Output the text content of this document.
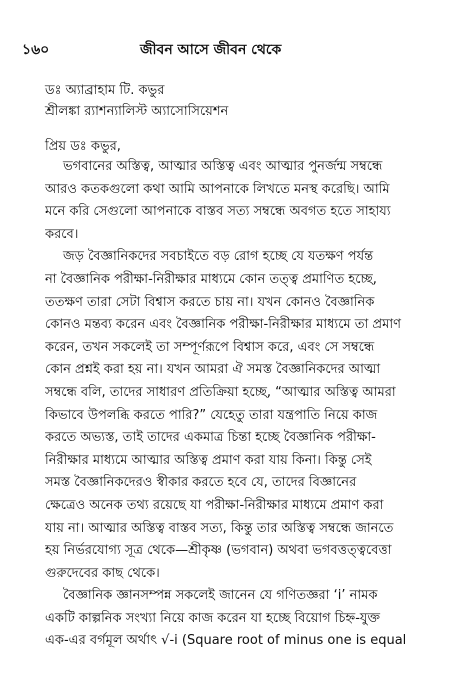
১৬০	জীবন আসে জীবন থেকে
ডঃ অ্যাব্রাহাম টি. কভুর
শ্রীলঙ্কা র‍্যাশন্যালিস্ট অ্যাসোসিয়েশন
প্রিয় ডঃ কভুর,
ভগবানের অস্তিত্ব, আত্মার অস্তিত্ব এবং আত্মার পুনর্জন্ম সম্বন্ধে
আরও কতকগুলো কথা আমি আপনাকে লিখতে মনস্থ করেছি। আমি
মনে করি সেগুলো আপনাকে বাস্তব সত্য সম্বন্ধে অবগত হতে সাহায্য
করবে।
জড় বৈজ্ঞানিকদের সবচাইতে বড় রোগ হচ্ছে যে যতক্ষণ পর্যন্ত
না বৈজ্ঞানিক পরীক্ষা-নিরীক্ষার মাধ্যমে কোন তত্ত্ব প্রমাণিত হচ্ছে,
ততক্ষণ তারা সেটা বিশ্বাস করতে চায় না। যখন কোনও বৈজ্ঞানিক
কোনও মন্তব্য করেন এবং বৈজ্ঞানিক পরীক্ষা-নিরীক্ষার মাধ্যমে তা প্রমাণ
করেন, তখন সকলেই তা সম্পূর্ণরূপে বিশ্বাস করে, এবং সে সম্বন্ধে
কোন প্রশ্নই করা হয় না। যখন আমরা ঐ সমস্ত বৈজ্ঞানিকদের আত্মা
সম্বন্ধে বলি, তাদের সাধারণ প্রতিক্রিয়া হচ্ছে, “আত্মার অস্তিত্ব আমরা
কিভাবে উপলব্ধি করতে পারি?” যেহেতু তারা যন্ত্রপাতি নিয়ে কাজ
করতে অভ্যস্ত, তাই তাদের একমাত্র চিন্তা হচ্ছে বৈজ্ঞানিক পরীক্ষা-
নিরীক্ষার মাধ্যমে আত্মার অস্তিত্ব প্রমাণ করা যায় কিনা। কিন্তু সেই
সমস্ত বৈজ্ঞানিকদেরও স্বীকার করতে হবে যে, তাদের বিজ্ঞানের
ক্ষেত্রেও অনেক তথ্য রয়েছে যা পরীক্ষা-নিরীক্ষার মাধ্যমে প্রমাণ করা
যায় না। আত্মার অস্তিত্ব বাস্তব সত্য, কিন্তু তার অস্তিত্ব সম্বন্ধে জানতে
হয় নির্ভরযোগ্য সূত্র থেকে—শ্রীকৃষ্ণ (ভগবান) অথবা ভগবত্তত্ত্ববেত্তা
গুরুদেবের কাছ থেকে।
বৈজ্ঞানিক জ্ঞানসম্পন্ন সকলেই জানেন যে গণিতজ্ঞরা ‘i’ নামক
একটি কাল্পনিক সংখ্যা নিয়ে কাজ করেন যা হচ্ছে বিয়োগ চিহ্ন-যুক্ত
এক-এর বর্গমূল অর্থাৎ √-i (Square root of minus one is equal
